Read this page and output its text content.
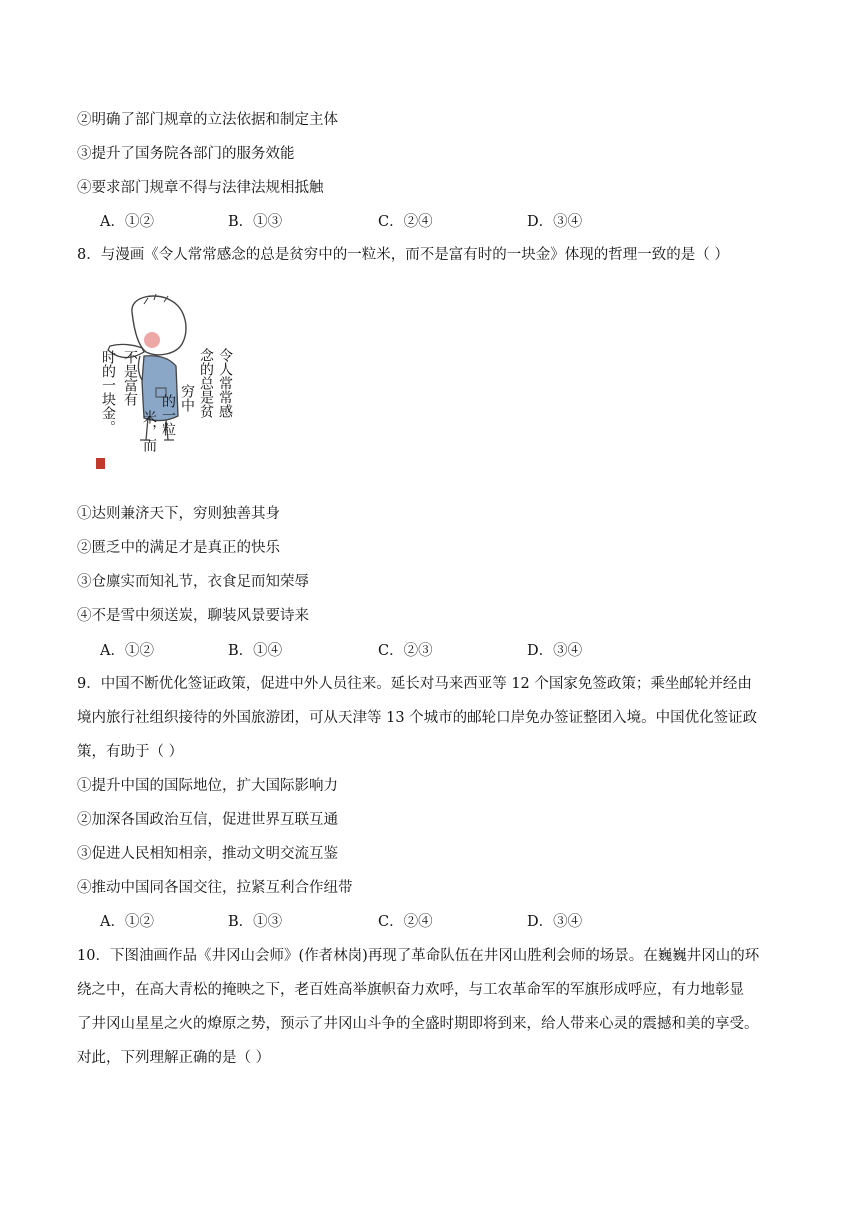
②明确了部门规章的立法依据和制定主体
③提升了国务院各部门的服务效能
④要求部门规章不得与法律法规相抵触
A．①②	B．①③	C．②④	D．③④
8．与漫画《令人常常感念的总是贫穷中的一粒米，而不是富有时的一块金》体现的哲理一致的是（ ）
不是富有
时的一块金。	令人常常感
念的总是贫
穷中
的一粒
米，而
①达则兼济天下，穷则独善其身
②匮乏中的满足才是真正的快乐
③仓廪实而知礼节，衣食足而知荣辱
④不是雪中须送炭，聊装风景要诗来
A．①②	B．①④	C．②③	D．③④
9．中国不断优化签证政策，促进中外人员往来。延长对马来西亚等 12 个国家免签政策；乘坐邮轮并经由
境内旅行社组织接待的外国旅游团，可从天津等 13 个城市的邮轮口岸免办签证整团入境。中国优化签证政
策，有助于（ ）
①提升中国的国际地位，扩大国际影响力
②加深各国政治互信，促进世界互联互通
③促进人民相知相亲，推动文明交流互鉴
④推动中国同各国交往，拉紧互利合作纽带
A．①②	B．①③	C．②④	D．③④
10．下图油画作品《井冈山会师》(作者林岗)再现了革命队伍在井冈山胜利会师的场景。在巍巍井冈山的环
绕之中，在高大青松的掩映之下，老百姓高举旗帜奋力欢呼，与工农革命军的军旗形成呼应，有力地彰显
了井冈山星星之火的燎原之势，预示了井冈山斗争的全盛时期即将到来，给人带来心灵的震撼和美的享受。
对此，下列理解正确的是（ ）
